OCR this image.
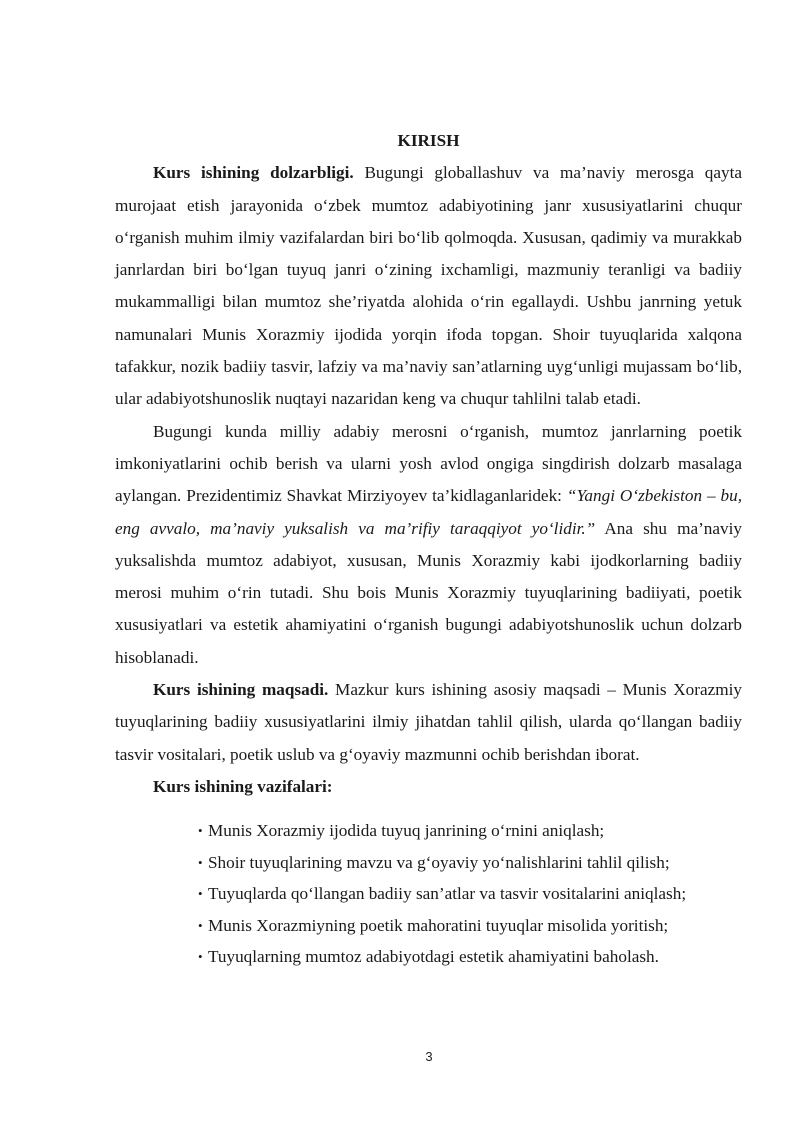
KIRISH

Kurs ishining dolzarbligi. Bugungi globallashuv va ma’naviy merosga qayta murojaat etish jarayonida o‘zbek mumtoz adabiyotining janr xususiyatlarini chuqur o‘rganish muhim ilmiy vazifalardan biri bo‘lib qolmoqda. Xususan, qadimiy va murakkab janrlardan biri bo‘lgan tuyuq janri o‘zining ixchamligi, mazmuniy teranligi va badiiy mukammalligi bilan mumtoz she’riyatda alohida o‘rin egallaydi. Ushbu janrning yetuk namunalari Munis Xorazmiy ijodida yorqin ifoda topgan. Shoir tuyuqlarida xalqona tafakkur, nozik badiiy tasvir, lafziy va ma’naviy san’atlarning uyg‘unligi mujassam bo‘lib, ular adabiyotshunoslik nuqtayi nazaridan keng va chuqur tahlilni talab etadi.

Bugungi kunda milliy adabiy merosni o‘rganish, mumtoz janrlarning poetik imkoniyatlarini ochib berish va ularni yosh avlod ongiga singdirish dolzarb masalaga aylangan. Prezidentimiz Shavkat Mirziyoyev ta’kidlaganlaridek: “Yangi O‘zbekiston – bu, eng avvalo, ma’naviy yuksalish va ma’rifiy taraqqiyot yo‘lidir.” Ana shu ma’naviy yuksalishda mumtoz adabiyot, xususan, Munis Xorazmiy kabi ijodkorlarning badiiy merosi muhim o‘rin tutadi. Shu bois Munis Xorazmiy tuyuqlarining badiiyati, poetik xususiyatlari va estetik ahamiyatini o‘rganish bugungi adabiyotshunoslik uchun dolzarb hisoblanadi.

Kurs ishining maqsadi. Mazkur kurs ishining asosiy maqsadi – Munis Xorazmiy tuyuqlarining badiiy xususiyatlarini ilmiy jihatdan tahlil qilish, ularda qo‘llangan badiiy tasvir vositalari, poetik uslub va g‘oyaviy mazmunni ochib berishdan iborat.

Kurs ishining vazifalari:

• Munis Xorazmiy ijodida tuyuq janrining o‘rnini aniqlash;
• Shoir tuyuqlarining mavzu va g‘oyaviy yo‘nalishlarini tahlil qilish;
• Tuyuqlarda qo‘llangan badiiy san’atlar va tasvir vositalarini aniqlash;
• Munis Xorazmiyning poetik mahoratini tuyuqlar misolida yoritish;
• Tuyuqlarning mumtoz adabiyotdagi estetik ahamiyatini baholash.
3
